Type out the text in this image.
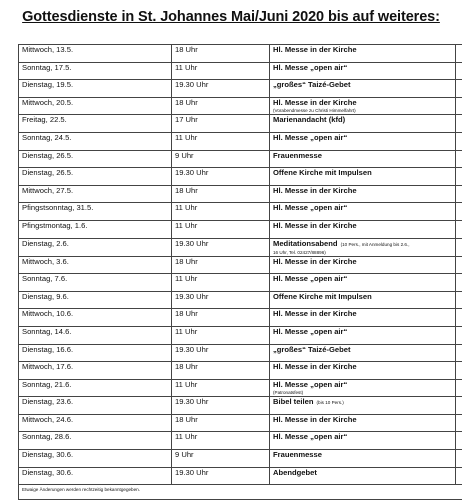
Gottesdienste in St. Johannes Mai/Juni 2020 bis auf weiteres:
Mittwoch, 13.5.	18 Uhr	Hl. Messe in der Kirche	
Sonntag, 17.5.	11 Uhr	Hl. Messe „open air“	
Dienstag, 19.5.	19.30 Uhr	„großes“ Taizé-Gebet	
Mittwoch, 20.5.	18 Uhr	Hl. Messe in der Kirche
(Vorabendmesse zu Christi Himmelfahrt)	

Freitag, 22.5.	17 Uhr	Marienandacht (kfd)	
Sonntag, 24.5.	11 Uhr	Hl. Messe „open air“	
Dienstag, 26.5.	9 Uhr	Frauenmesse	
Dienstag, 26.5.	19.30 Uhr	Offene Kirche mit Impulsen	
Mittwoch, 27.5.	18 Uhr	Hl. Messe in der Kirche	
Pfingstsonntag, 31.5.	11 Uhr	Hl. Messe „open air“	
Pfingstmontag, 1.6.	11 Uhr	Hl. Messe in der Kirche	
Dienstag, 2.6.	19.30 Uhr	Meditationsabend (10 Pers., mit Anmeldung bis 2.6.,
16 Uhr, Tel. 02427/88896)	

Mittwoch, 3.6.	18 Uhr	Hl. Messe in der Kirche	
Sonntag, 7.6.	11 Uhr	Hl. Messe „open air“	
Dienstag, 9.6.	19.30 Uhr	Offene Kirche mit Impulsen	
Mittwoch, 10.6.	18 Uhr	Hl. Messe in der Kirche	
Sonntag, 14.6.	11 Uhr	Hl. Messe „open air“	
Dienstag, 16.6.	19.30 Uhr	„großes“ Taizé-Gebet	
Mittwoch, 17.6.	18 Uhr	Hl. Messe in der Kirche	
Sonntag, 21.6.	11 Uhr	Hl. Messe „open air“
(Patronatsfest)	

Dienstag, 23.6.	19.30 Uhr	Bibel teilen (bis 10 Pers.)	
Mittwoch, 24.6.	18 Uhr	Hl. Messe in der Kirche	
Sonntag, 28.6.	11 Uhr	Hl. Messe „open air“	
Dienstag, 30.6.	9 Uhr	Frauenmesse	
Dienstag, 30.6.	19.30 Uhr	Abendgebet	
Etwaige Änderungen werden rechtzeitig bekanntgegeben.			
